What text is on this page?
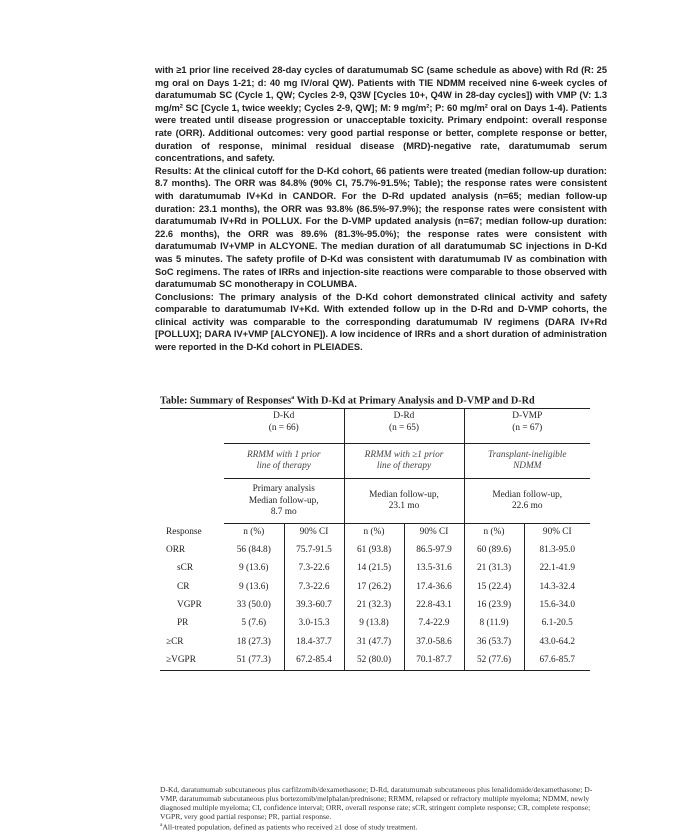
with ≥1 prior line received 28-day cycles of daratumumab SC (same schedule as above) with Rd (R: 25 mg oral on Days 1-21; d: 40 mg IV/oral QW). Patients with TIE NDMM received nine 6-week cycles of daratumumab SC (Cycle 1, QW; Cycles 2-9, Q3W [Cycles 10+, Q4W in 28-day cycles]) with VMP (V: 1.3 mg/m² SC [Cycle 1, twice weekly; Cycles 2-9, QW]; M: 9 mg/m²; P: 60 mg/m² oral on Days 1-4). Patients were treated until disease progression or unacceptable toxicity. Primary endpoint: overall response rate (ORR). Additional outcomes: very good partial response or better, complete response or better, duration of response, minimal residual disease (MRD)-negative rate, daratumumab serum concentrations, and safety.

Results: At the clinical cutoff for the D-Kd cohort, 66 patients were treated (median follow-up duration: 8.7 months). The ORR was 84.8% (90% CI, 75.7%-91.5%; Table); the response rates were consistent with daratumumab IV+Kd in CANDOR. For the D-Rd updated analysis (n=65; median follow-up duration: 23.1 months), the ORR was 93.8% (86.5%-97.9%); the response rates were consistent with daratumumab IV+Rd in POLLUX. For the D-VMP updated analysis (n=67; median follow-up duration: 22.6 months), the ORR was 89.6% (81.3%-95.0%); the response rates were consistent with daratumumab IV+VMP in ALCYONE. The median duration of all daratumumab SC injections in D-Kd was 5 minutes. The safety profile of D-Kd was consistent with daratumumab IV as combination with SoC regimens. The rates of IRRs and injection-site reactions were comparable to those observed with daratumumab SC monotherapy in COLUMBA.

Conclusions: The primary analysis of the D-Kd cohort demonstrated clinical activity and safety comparable to daratumumab IV+Kd. With extended follow up in the D-Rd and D-VMP cohorts, the clinical activity was comparable to the corresponding daratumumab IV regimens (DARA IV+Rd [POLLUX]; DARA IV+VMP [ALCYONE]). A low incidence of IRRs and a short duration of administration were reported in the D-Kd cohort in PLEIADES.

Table: Summary of Responses$^a$ With D-Kd at Primary Analysis and D-VMP and D-Rd
	D-Kd		D-Rd		D-VMP	
	(n = 66)		(n = 65)		(n = 67)	
	RRMM with 1 prior
line of therapy		RRMM with ≥1 prior
line of therapy		Transplant-ineligible
NDMM	
	Primary analysis
Median follow-up,
8.7 mo		Median follow-up,
23.1 mo		Median follow-up,
22.6 mo	
Response	n (%)	90% CI	n (%)	90% CI	n (%)	90% CI
ORR	56 (84.8)	75.7-91.5	61 (93.8)	86.5-97.9	60 (89.6)	81.3-95.0
sCR	9 (13.6)	7.3-22.6	14 (21.5)	13.5-31.6	21 (31.3)	22.1-41.9
CR	9 (13.6)	7.3-22.6	17 (26.2)	17.4-36.6	15 (22.4)	14.3-32.4
VGPR	33 (50.0)	39.3-60.7	21 (32.3)	22.8-43.1	16 (23.9)	15.6-34.0
PR	5 (7.6)	3.0-15.3	9 (13.8)	7.4-22.9	8 (11.9)	6.1-20.5
≥CR	18 (27.3)	18.4-37.7	31 (47.7)	37.0-58.6	36 (53.7)	43.0-64.2
≥VGPR	51 (77.3)	67.2-85.4	52 (80.0)	70.1-87.7	52 (77.6)	67.6-85.7

D-Kd, daratumumab subcutaneous plus carfilzomib/dexamethasone; D-Rd, daratumumab subcutaneous plus lenalidomide/dexamethasone; D-VMP, daratumumab subcutaneous plus bortezomib/melphalan/prednisone; RRMM, relapsed or refractory multiple myeloma; NDMM, newly diagnosed multiple myeloma; CI, confidence interval; ORR, overall response rate; sCR, stringent complete response; CR, complete response; VGPR, very good partial response; PR, partial response.

$^a$All-treated population, defined as patients who received ≥1 dose of study treatment.
